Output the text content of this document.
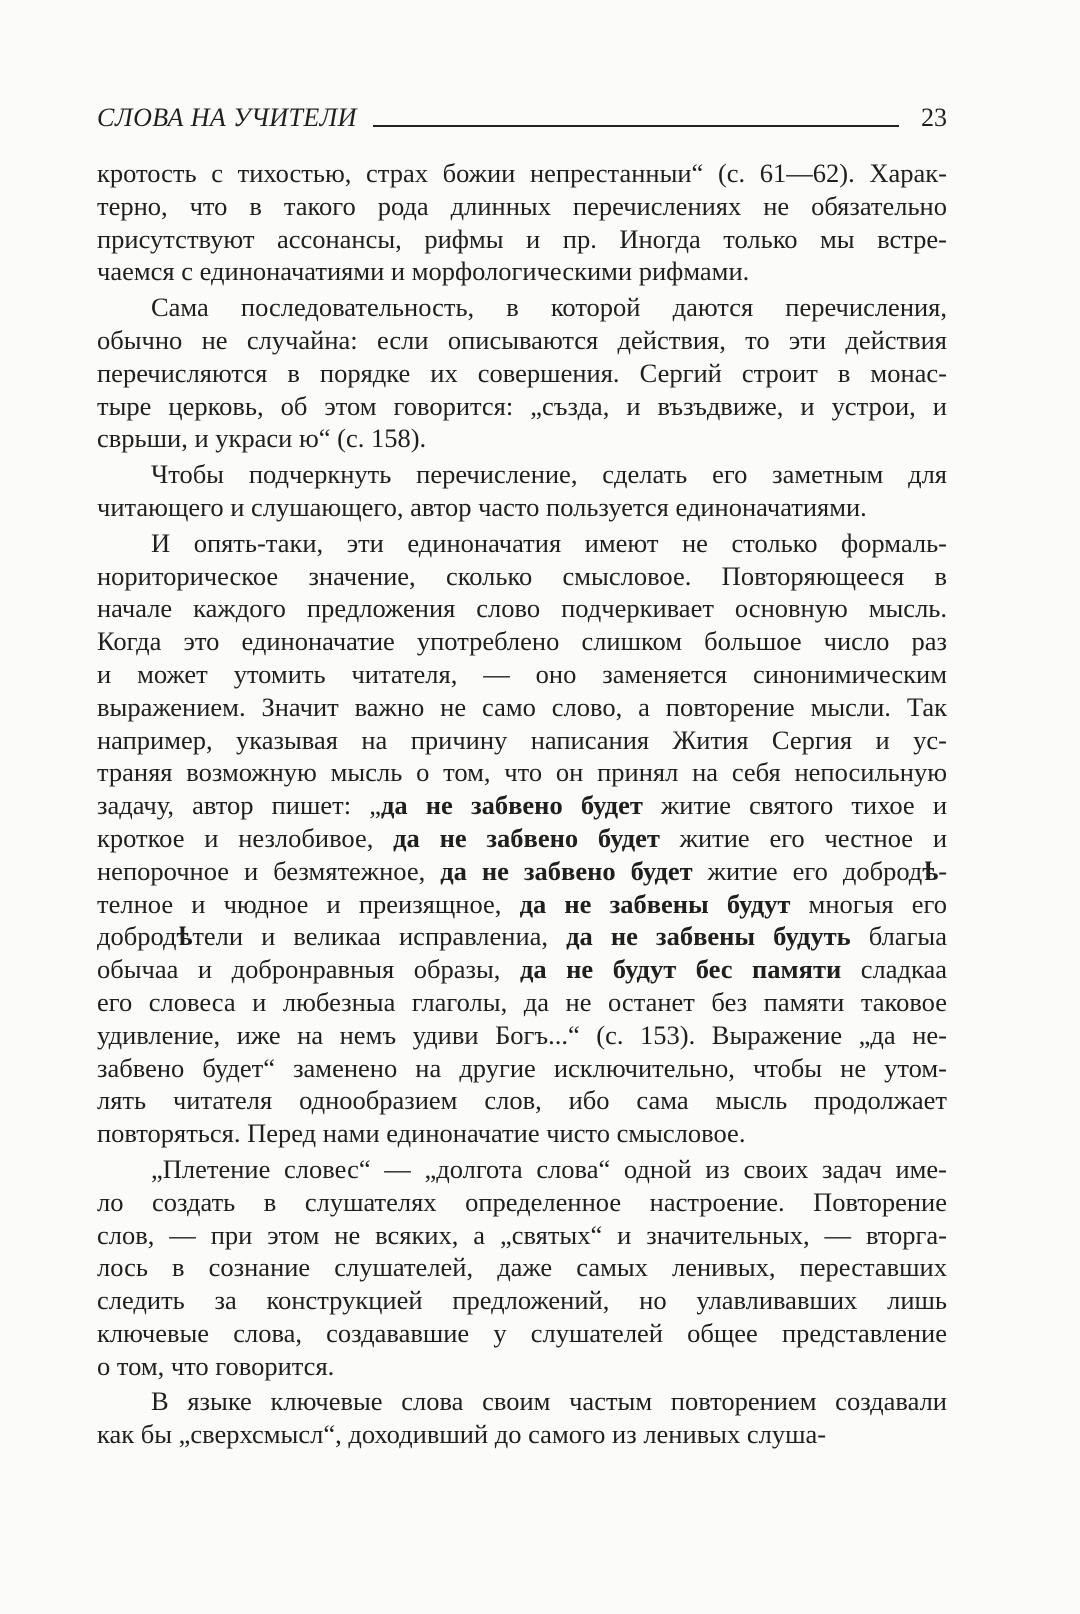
СЛОВА НА УЧИТЕЛИ	23

кротость с тихостью, страх божии непрестанныи“ (с. 61—62). Харак-
терно, что в такого рода длинных перечислениях не обязательно
присутствуют ассонансы, рифмы и пр. Иногда только мы встре-
чаемся с единоначатиями и морфологическими рифмами.

Сама последовательность, в которой даются перечисления,
обычно не случайна: если описываются действия, то эти действия
перечисляются в порядке их совершения. Сергий строит в монас-
тыре церковь, об этом говорится: „създа, и възъдвиже, и устрои, и
сврьши, и украси ю“ (с. 158).

Чтобы подчеркнуть перечисление, сделать его заметным для
читающего и слушающего, автор часто пользуется единоначатиями.

И опять-таки, эти единоначатия имеют не столько формаль-
нориторическое значение, сколько смысловое. Повторяющееся в
начале каждого предложения слово подчеркивает основную мысль.
Когда это единоначатие употреблено слишком большое число раз
и может утомить читателя, — оно заменяется синонимическим
выражением. Значит важно не само слово, а повторение мысли. Так
например, указывая на причину написания Жития Сергия и ус-
траняя возможную мысль о том, что он принял на себя непосильную
задачу, автор пишет: „да не забвено будет житие святого тихое и
кроткое и незлобивое, да не забвено будет житие его честное и
непорочное и безмятежное, да не забвено будет житие его добродѣ-
телное и чюдное и преизящное, да не забвены будут многыя его
добродѣтели и великаа исправлениа, да не забвены будуть благыа
обычаа и добронравныя образы, да не будут бес памяти сладкаа
его словеса и любезныа глаголы, да не останет без памяти таковое
удивление, иже на немъ удиви Богъ...“ (с. 153). Выражение „да не-
забвено будет“ заменено на другие исключительно, чтобы не утом-
лять читателя однообразием слов, ибо сама мысль продолжает
повторяться. Перед нами единоначатие чисто смысловое.

„Плетение словес“ — „долгота слова“ одной из своих задач име-
ло создать в слушателях определенное настроение. Повторение
слов, — при этом не всяких, а „святых“ и значительных, — вторга-
лось в сознание слушателей, даже самых ленивых, переставших
следить за конструкцией предложений, но улавливавших лишь
ключевые слова, создававшие у слушателей общее представление
о том, что говорится.

В языке ключевые слова своим частым повторением создавали
как бы „сверхсмысл“, доходивший до самого из ленивых слуша-
